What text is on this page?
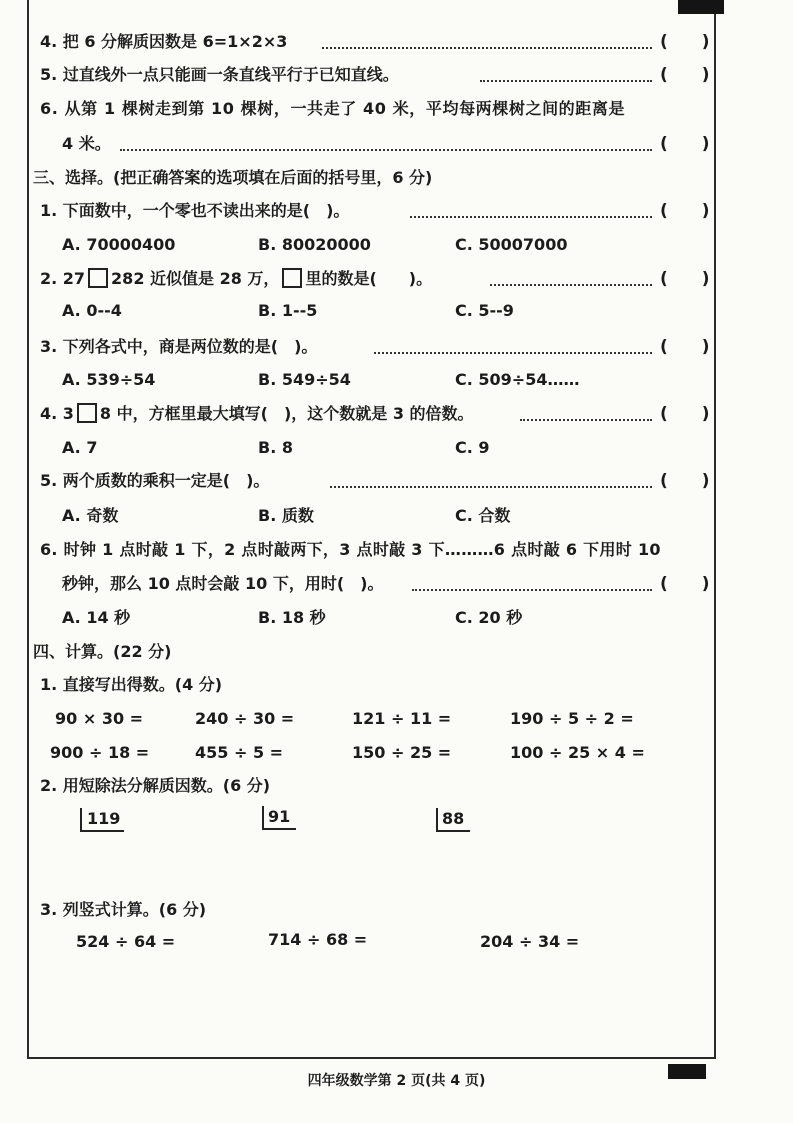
4. 把 6 分解质因数是 6=1×2×3	(　　)
5. 过直线外一点只能画一条直线平行于已知直线。	(　　)
6. 从第 1 棵树走到第 10 棵树，一共走了 40 米，平均每两棵树之间的距离是
4 米。	(　　)
三、选择。(把正确答案的选项填在后面的括号里，6 分)
1. 下面数中，一个零也不读出来的是(　)。	(　　)
A. 70000400	B. 80020000	C. 50007000
2. 27 282 近似值是 28 万， 里的数是(　　)。	(　　)
A. 0--4	B. 1--5	C. 5--9
3. 下列各式中，商是两位数的是(　)。	(　　)
A. 539÷54	B. 549÷54	C. 509÷54……
4. 3 8 中，方框里最大填写(　)，这个数就是 3 的倍数。	(　　)
A. 7	B. 8	C. 9
5. 两个质数的乘积一定是(　)。	(　　)
A. 奇数	B. 质数	C. 合数
6. 时钟 1 点时敲 1 下，2 点时敲两下，3 点时敲 3 下………6 点时敲 6 下用时 10
秒钟，那么 10 点时会敲 10 下，用时(　)。	(　　)
A. 14 秒	B. 18 秒	C. 20 秒
四、计算。(22 分)
1. 直接写出得数。(4 分)
90 × 30 =	240 ÷ 30 =	121 ÷ 11 =	190 ÷ 5 ÷ 2 =
900 ÷ 18 =	455 ÷ 5 =	150 ÷ 25 =	100 ÷ 25 × 4 =
2. 用短除法分解质因数。(6 分)
119	91	88
3. 列竖式计算。(6 分)
524 ÷ 64 =	714 ÷ 68 =	204 ÷ 34 =
四年级数学第 2 页(共 4 页)
